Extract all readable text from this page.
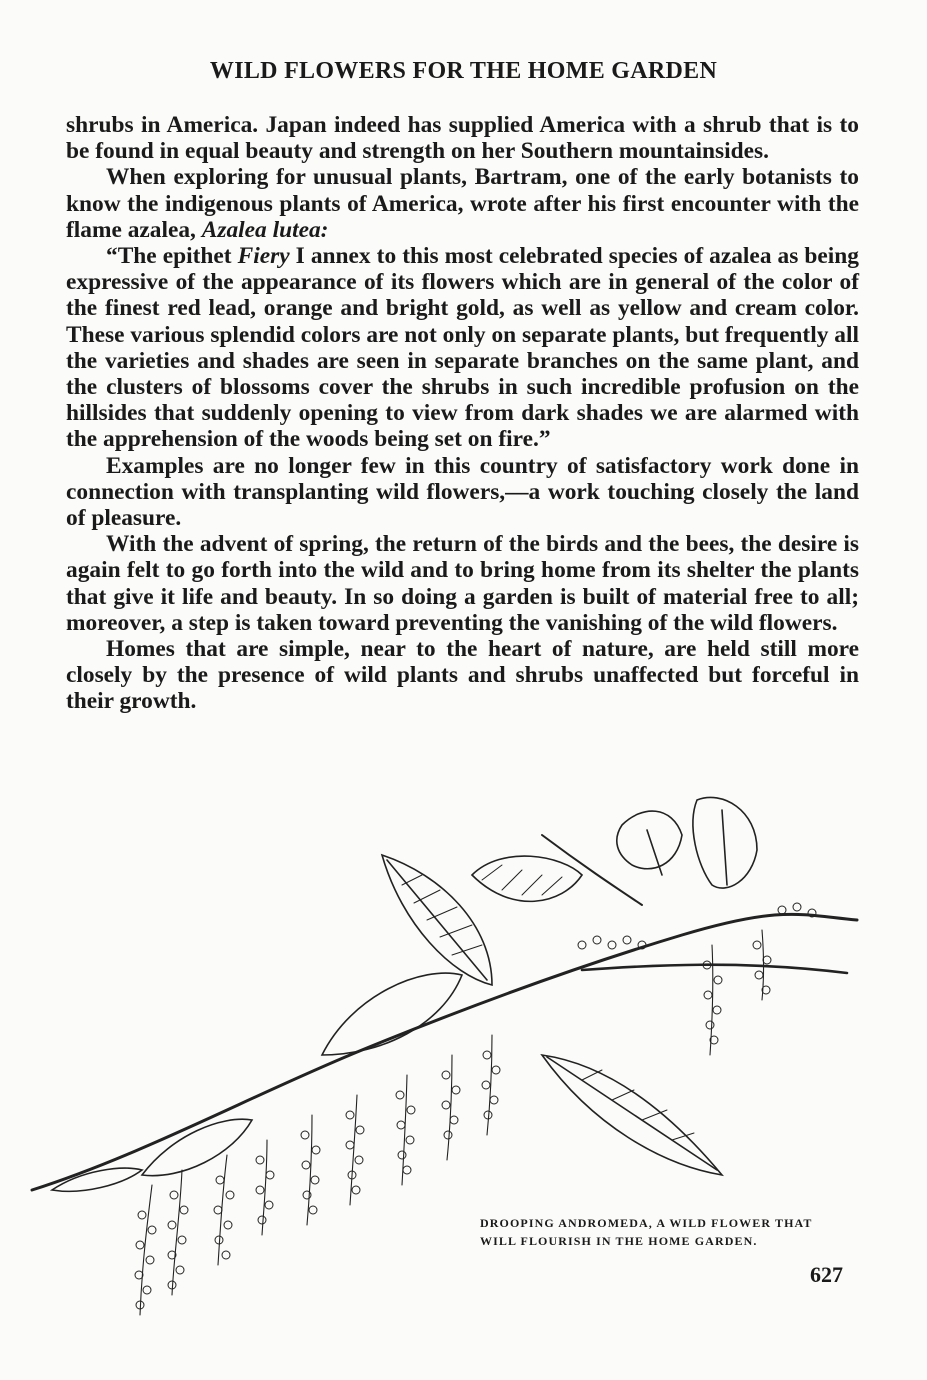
WILD FLOWERS FOR THE HOME GARDEN

shrubs in America. Japan indeed has supplied America with a shrub that is to be found in equal beauty and strength on her Southern mountainsides.

When exploring for unusual plants, Bartram, one of the early botanists to know the indigenous plants of America, wrote after his first encounter with the flame azalea, Azalea lutea:

“The epithet Fiery I annex to this most celebrated species of azalea as being expressive of the appearance of its flowers which are in general of the color of the finest red lead, orange and bright gold, as well as yellow and cream color. These various splendid colors are not only on separate plants, but frequently all the varieties and shades are seen in separate branches on the same plant, and the clusters of blossoms cover the shrubs in such incredible profusion on the hillsides that suddenly opening to view from dark shades we are alarmed with the apprehension of the woods being set on fire.”

Examples are no longer few in this country of satisfactory work done in connection with transplanting wild flowers,—a work touching closely the land of pleasure.

With the advent of spring, the return of the birds and the bees, the desire is again felt to go forth into the wild and to bring home from its shelter the plants that give it life and beauty. In so doing a garden is built of material free to all; moreover, a step is taken toward preventing the vanishing of the wild flowers.

Homes that are simple, near to the heart of nature, are held still more closely by the presence of wild plants and shrubs unaffected but forceful in their growth.

DROOPING ANDROMEDA, A WILD FLOWER THAT
WILL FLOURISH IN THE HOME GARDEN.
627
